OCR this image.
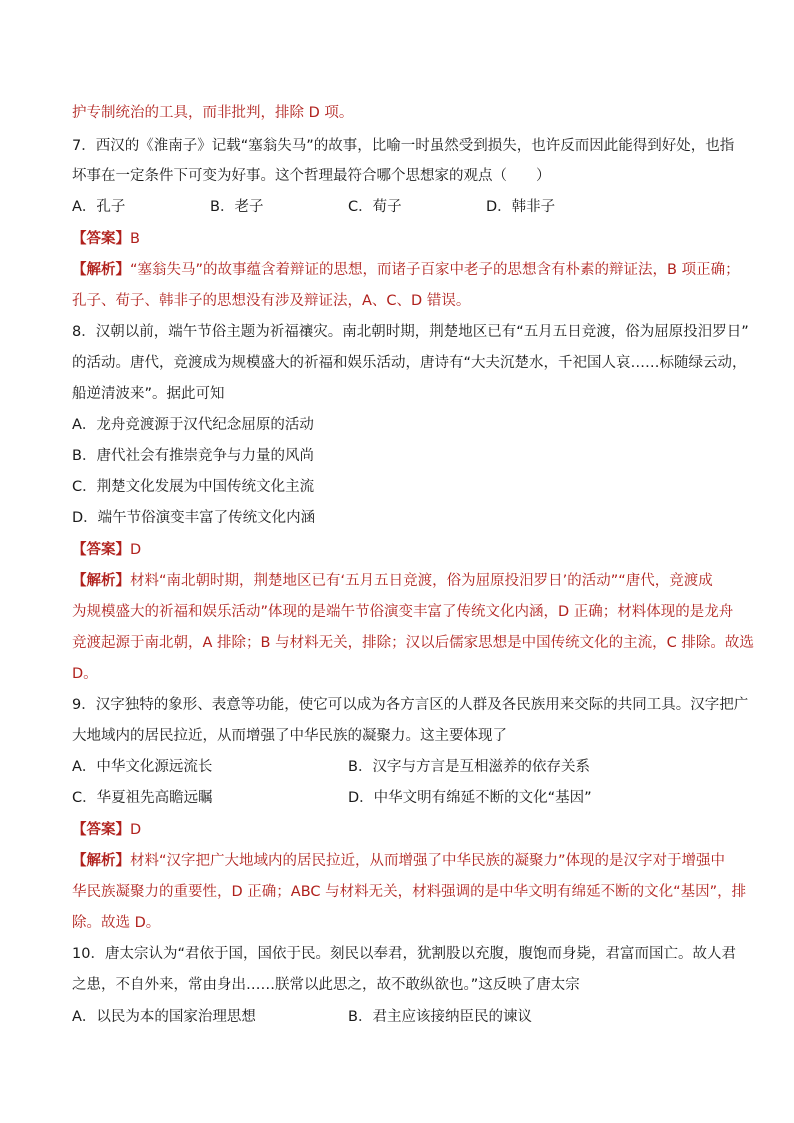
护专制统治的工具，而非批判，排除 D 项。
7．西汉的《淮南子》记载“塞翁失马”的故事，比喻一时虽然受到损失，也许反而因此能得到好处，也指
坏事在一定条件下可变为好事。这个哲理最符合哪个思想家的观点（　　）
A．孔子	B．老子	C．荀子	D．韩非子
【答案】B
【解析】“塞翁失马”的故事蕴含着辩证的思想，而诸子百家中老子的思想含有朴素的辩证法，B 项正确；
孔子、荀子、韩非子的思想没有涉及辩证法，A、C、D 错误。
8．汉朝以前，端午节俗主题为祈福禳灾。南北朝时期，荆楚地区已有“五月五日竞渡，俗为屈原投汨罗日”
的活动。唐代，竞渡成为规模盛大的祈福和娱乐活动，唐诗有“大夫沉楚水，千祀国人哀……标随绿云动，
船逆清波来”。据此可知
A．龙舟竞渡源于汉代纪念屈原的活动
B．唐代社会有推崇竞争与力量的风尚
C．荆楚文化发展为中国传统文化主流
D．端午节俗演变丰富了传统文化内涵
【答案】D
【解析】材料“南北朝时期，荆楚地区已有‘五月五日竞渡，俗为屈原投汨罗日’的活动”“唐代，竞渡成
为规模盛大的祈福和娱乐活动”体现的是端午节俗演变丰富了传统文化内涵，D 正确；材料体现的是龙舟
竞渡起源于南北朝，A 排除；B 与材料无关，排除；汉以后儒家思想是中国传统文化的主流，C 排除。故选
D。
9．汉字独特的象形、表意等功能，使它可以成为各方言区的人群及各民族用来交际的共同工具。汉字把广
大地域内的居民拉近，从而增强了中华民族的凝聚力。这主要体现了
A．中华文化源远流长	B．汉字与方言是互相滋养的依存关系
C．华夏祖先高瞻远瞩	D．中华文明有绵延不断的文化“基因”
【答案】D
【解析】材料“汉字把广大地域内的居民拉近，从而增强了中华民族的凝聚力”体现的是汉字对于增强中
华民族凝聚力的重要性，D 正确；ABC 与材料无关，材料强调的是中华文明有绵延不断的文化“基因”，排
除。故选 D。
10．唐太宗认为“君依于国，国依于民。刻民以奉君，犹割股以充腹，腹饱而身毙，君富而国亡。故人君
之患，不自外来，常由身出……朕常以此思之，故不敢纵欲也。”这反映了唐太宗
A．以民为本的国家治理思想	B．君主应该接纳臣民的谏议
